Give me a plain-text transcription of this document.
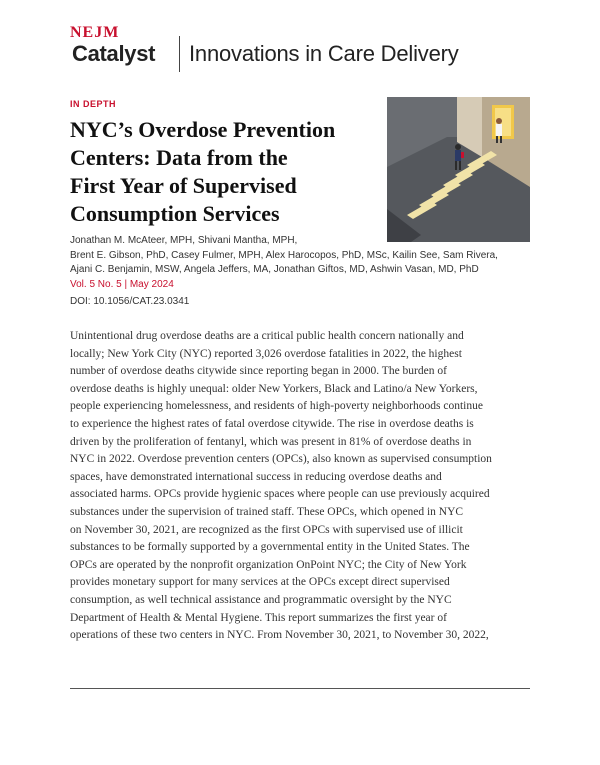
NEJM
Catalyst Innovations in Care Delivery
IN DEPTH
NYC’s Overdose Prevention
Centers: Data from the
First Year of Supervised
Consumption Services
Jonathan M. McAteer, MPH, Shivani Mantha, MPH,
Brent E. Gibson, PhD, Casey Fulmer, MPH, Alex Harocopos, PhD, MSc, Kailin See, Sam Rivera,
Ajani C. Benjamin, MSW, Angela Jeffers, MA, Jonathan Giftos, MD, Ashwin Vasan, MD, PhD
Vol. 5 No. 5 | May 2024
DOI: 10.1056/CAT.23.0341
Unintentional drug overdose deaths are a critical public health concern nationally and
locally; New York City (NYC) reported 3,026 overdose fatalities in 2022, the highest
number of overdose deaths citywide since reporting began in 2000. The burden of
overdose deaths is highly unequal: older New Yorkers, Black and Latino/a New Yorkers,
people experiencing homelessness, and residents of high-poverty neighborhoods continue
to experience the highest rates of fatal overdose citywide. The rise in overdose deaths is
driven by the proliferation of fentanyl, which was present in 81% of overdose deaths in
NYC in 2022. Overdose prevention centers (OPCs), also known as supervised consumption
spaces, have demonstrated international success in reducing overdose deaths and
associated harms. OPCs provide hygienic spaces where people can use previously acquired
substances under the supervision of trained staff. These OPCs, which opened in NYC
on November 30, 2021, are recognized as the first OPCs with supervised use of illicit
substances to be formally supported by a governmental entity in the United States. The
OPCs are operated by the nonprofit organization OnPoint NYC; the City of New York
provides monetary support for many services at the OPCs except direct supervised
consumption, as well technical assistance and programmatic oversight by the NYC
Department of Health & Mental Hygiene. This report summarizes the first year of
operations of these two centers in NYC. From November 30, 2021, to November 30, 2022,
